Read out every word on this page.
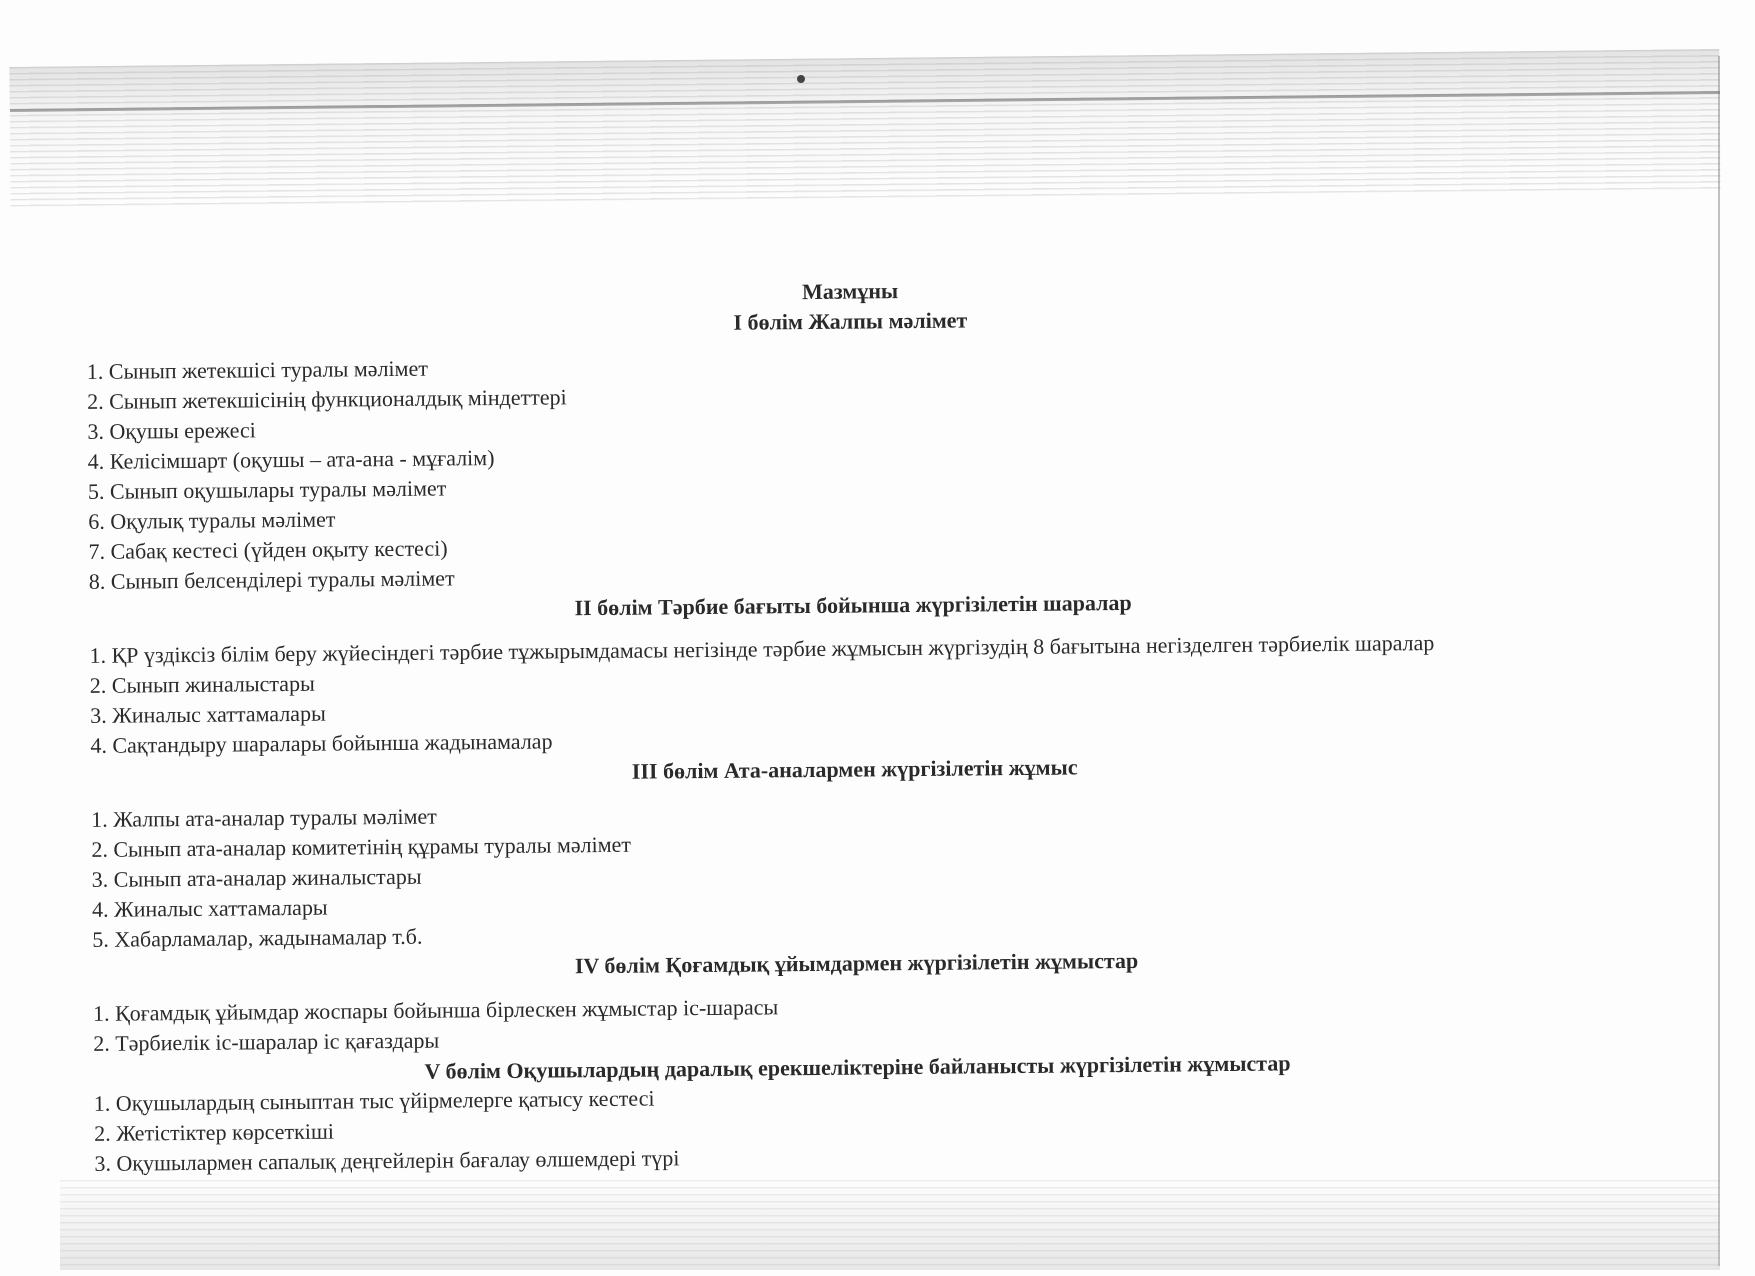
Мазмұны
I бөлім Жалпы мәлімет
1. Сынып жетекшісі туралы мәлімет
2. Сынып жетекшісінің функционалдық міндеттері
3. Оқушы ережесі
4. Келісімшарт (оқушы – ата-ана - мұғалім)
5. Сынып оқушылары туралы мәлімет
6. Оқулық туралы мәлімет
7. Сабақ кестесі (үйден оқыту кестесі)
8. Сынып белсенділері туралы мәлімет
II бөлім Тәрбие бағыты бойынша жүргізілетін шаралар
1. ҚР үздіксіз білім беру жүйесіндегі тәрбие тұжырымдамасы негізінде тәрбие жұмысын жүргізудің 8 бағытына негізделген тәрбиелік шаралар
2. Сынып жиналыстары
3. Жиналыс хаттамалары
4. Сақтандыру шаралары бойынша жадынамалар
III бөлім Ата-аналармен жүргізілетін жұмыс
1. Жалпы ата-аналар туралы мәлімет
2. Сынып ата-аналар комитетінің құрамы туралы мәлімет
3. Сынып ата-аналар жиналыстары
4. Жиналыс хаттамалары
5. Хабарламалар, жадынамалар т.б.
IV бөлім Қоғамдық ұйымдармен жүргізілетін жұмыстар
1. Қоғамдық ұйымдар жоспары бойынша бірлескен жұмыстар іс-шарасы
2. Тәрбиелік іс-шаралар іс қағаздары
V бөлім Оқушылардың даралық ерекшеліктеріне байланысты жүргізілетін жұмыстар
1. Оқушылардың сыныптан тыс үйірмелерге қатысу кестесі
2. Жетістіктер көрсеткіші
3. Оқушылармен сапалық деңгейлерін бағалау өлшемдері түрі
